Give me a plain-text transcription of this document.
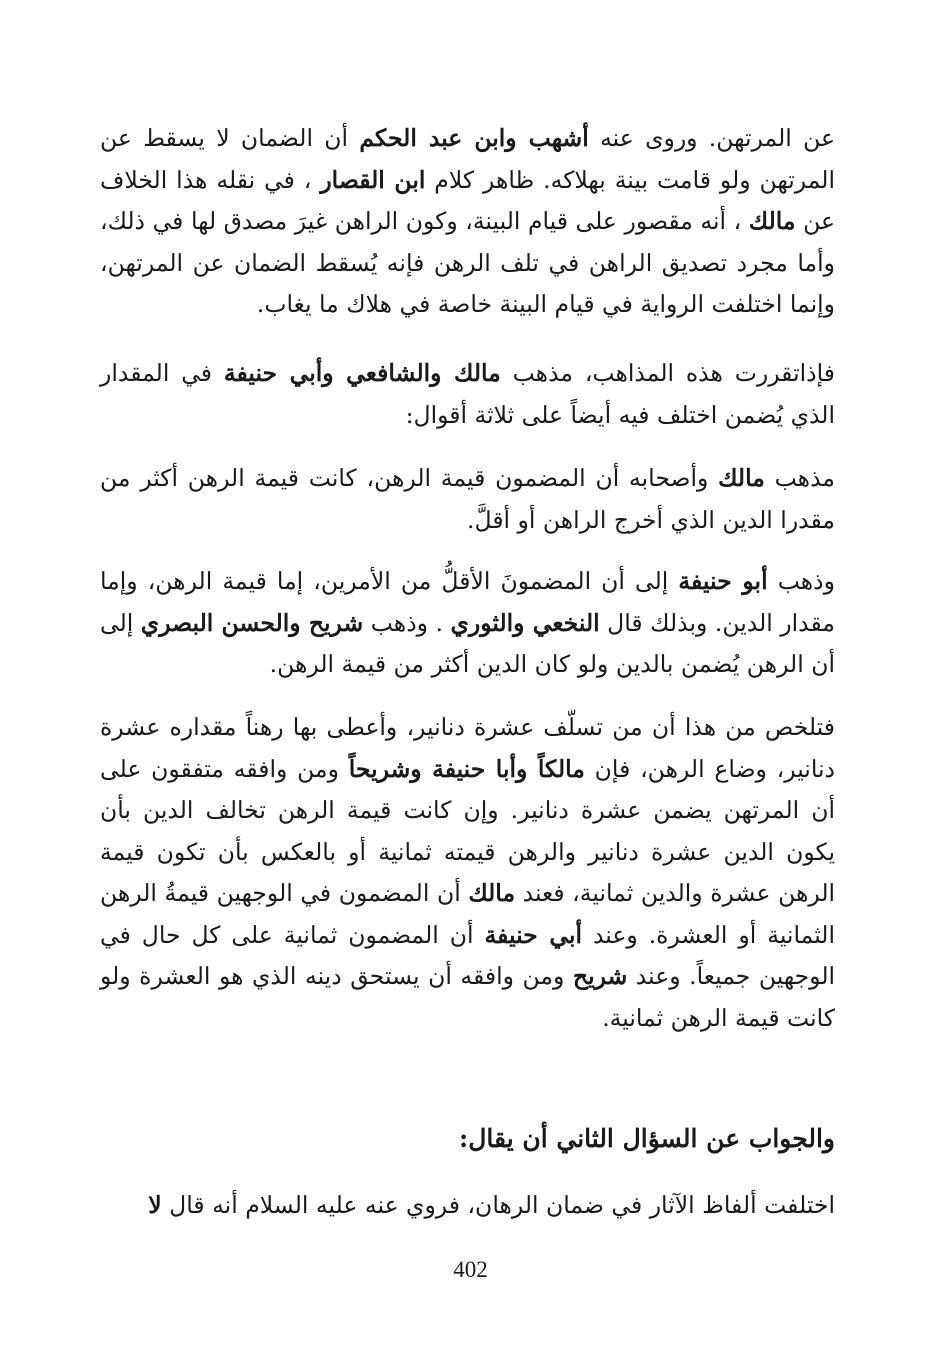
عن المرتهن. وروى عنه أشهب وابن عبد الحكم أن الضمان لا يسقط عن المرتهن ولو قامت بينة بهلاكه. ظاهر كلام ابن القصار ، في نقله هذا الخلاف عن مالك ، أنه مقصور على قيام البينة، وكون الراهن غيرَ مصدق لها في ذلك، وأما مجرد تصديق الراهن في تلف الرهن فإنه يُسقط الضمان عن المرتهن، وإنما اختلفت الرواية في قيام البينة خاصة في هلاك ما يغاب.

فإذاتقررت هذه المذاهب، مذهب مالك والشافعي وأبي حنيفة في المقدار الذي يُضمن اختلف فيه أيضاً على ثلاثة أقوال:

مذهب مالك وأصحابه أن المضمون قيمة الرهن، كانت قيمة الرهن أكثر من مقدرا الدين الذي أخرج الراهن أو أقلَّ.

وذهب أبو حنيفة إلى أن المضمونَ الأقلُّ من الأمرين، إما قيمة الرهن، وإما مقدار الدين. وبذلك قال النخعي والثوري . وذهب شريح والحسن البصري إلى أن الرهن يُضمن بالدين ولو كان الدين أكثر من قيمة الرهن.

فتلخص من هذا أن من تسلّف عشرة دنانير، وأعطى بها رهناً مقداره عشرة دنانير، وضاع الرهن، فإن مالكاً وأبا حنيفة وشريحاً ومن وافقه متفقون على أن المرتهن يضمن عشرة دنانير. وإن كانت قيمة الرهن تخالف الدين بأن يكون الدين عشرة دنانير والرهن قيمته ثمانية أو بالعكس بأن تكون قيمة الرهن عشرة والدين ثمانية، فعند مالك أن المضمون في الوجهين قيمةُ الرهن الثمانية أو العشرة. وعند أبي حنيفة أن المضمون ثمانية على كل حال في الوجهين جميعاً. وعند شريح ومن وافقه أن يستحق دينه الذي هو العشرة ولو كانت قيمة الرهن ثمانية.

والجواب عن السؤال الثاني أن يقال:

اختلفت ألفاظ الآثار في ضمان الرهان، فروي عنه عليه السلام أنه قال لا

402
